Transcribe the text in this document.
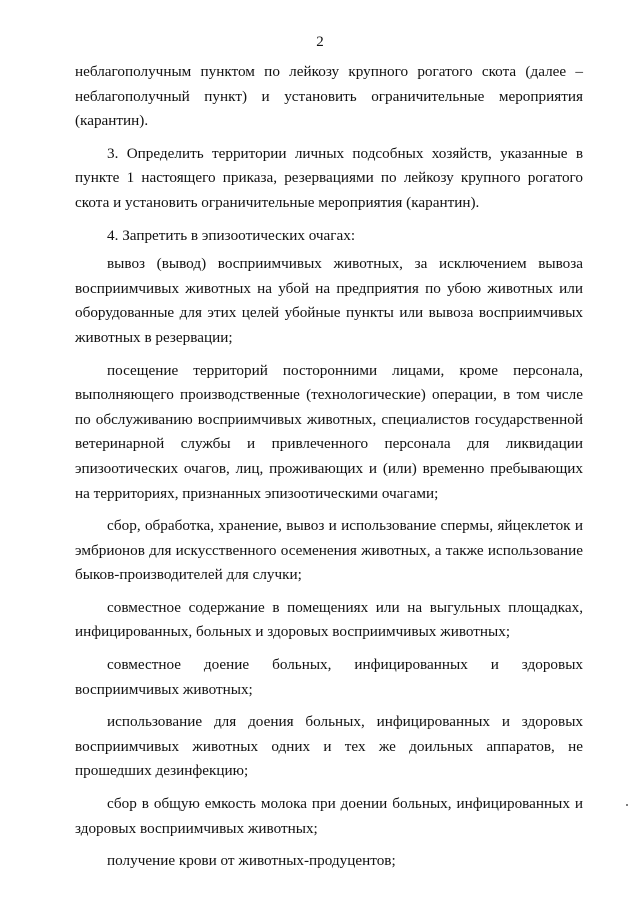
2

неблагополучным пунктом по лейкозу крупного рогатого скота (далее – неблагополучный пункт) и установить ограничительные мероприятия (карантин).

3. Определить территории личных подсобных хозяйств, указанные в пункте 1 настоящего приказа, резервациями по лейкозу крупного рогатого скота и установить ограничительные мероприятия (карантин).

4. Запретить в эпизоотических очагах:

вывоз (вывод) восприимчивых животных, за исключением вывоза восприимчивых животных на убой на предприятия по убою животных или оборудованные для этих целей убойные пункты или вывоза восприимчивых животных в резервации;

посещение территорий посторонними лицами, кроме персонала, выполняющего производственные (технологические) операции, в том числе по обслуживанию восприимчивых животных, специалистов государственной ветеринарной службы и привлеченного персонала для ликвидации эпизоотических очагов, лиц, проживающих и (или) временно пребывающих на территориях, признанных эпизоотическими очагами;

сбор, обработка, хранение, вывоз и использование спермы, яйцеклеток и эмбрионов для искусственного осеменения животных, а также использование быков-производителей для случки;

совместное содержание в помещениях или на выгульных площадках, инфицированных, больных и здоровых восприимчивых животных;

совместное доение больных, инфицированных и здоровых восприимчивых животных;

использование для доения больных, инфицированных и здоровых восприимчивых животных одних и тех же доильных аппаратов, не прошедших дезинфекцию;

сбор в общую емкость молока при доении больных, инфицированных и здоровых восприимчивых животных;

получение крови от животных-продуцентов;
